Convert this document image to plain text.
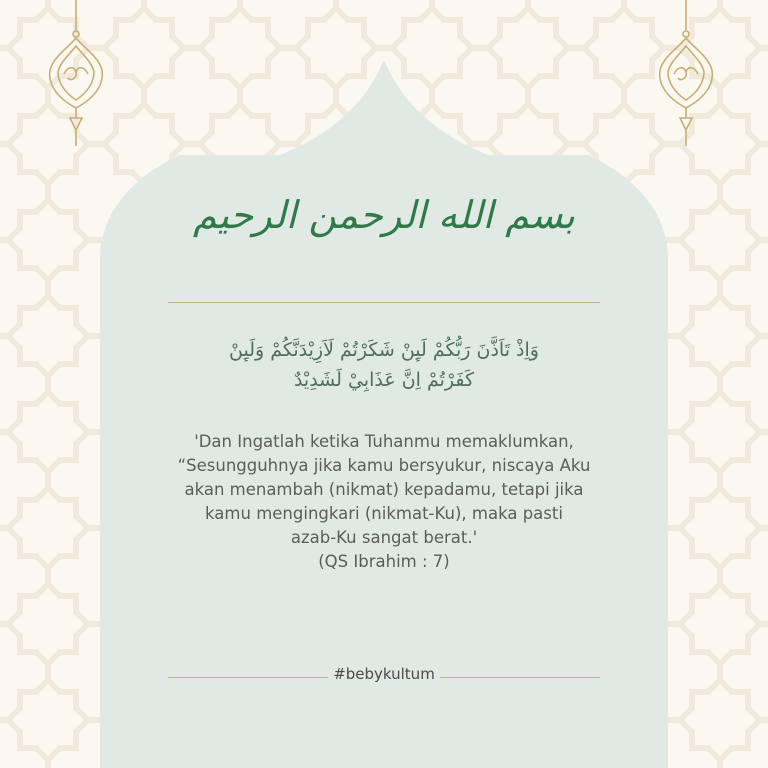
بسم الله الرحمن الرحيم
وَاِذْ تَاَذَّنَ رَبُّكُمْ لَىِٕنْ شَكَرْتُمْ لَاَزِيْدَنَّكُمْ وَلَىِٕنْ
كَفَرْتُمْ اِنَّ عَذَابِيْ لَشَدِيْدٌ
'Dan Ingatlah ketika Tuhanmu memaklumkan,
“Sesungguhnya jika kamu bersyukur, niscaya Aku
akan menambah (nikmat) kepadamu, tetapi jika
kamu mengingkari (nikmat-Ku), maka pasti
azab-Ku sangat berat.'
(QS Ibrahim : 7)
#bebykultum
